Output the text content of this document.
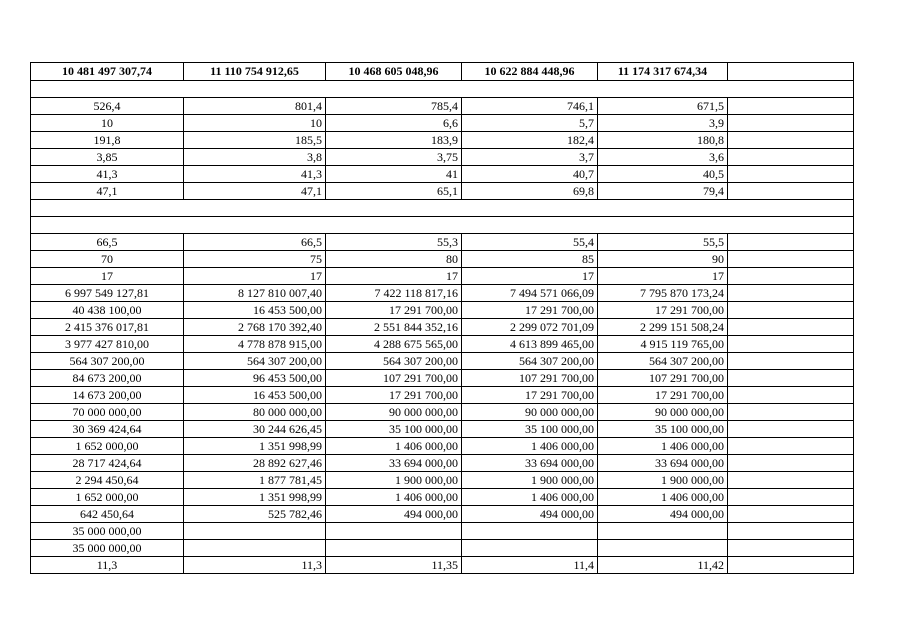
10 481 497 307,74	11 110 754 912,65	10 468 605 048,96	10 622 884 448,96	11 174 317 674,34	

526,4	801,4	785,4	746,1	671,5	
10	10	6,6	5,7	3,9	
191,8	185,5	183,9	182,4	180,8	
3,85	3,8	3,75	3,7	3,6	
41,3	41,3	41	40,7	40,5	
47,1	47,1	65,1	69,8	79,4	

66,5	66,5	55,3	55,4	55,5	
70	75	80	85	90	
17	17	17	17	17	
6 997 549 127,81	8 127 810 007,40	7 422 118 817,16	7 494 571 066,09	7 795 870 173,24	
40 438 100,00	16 453 500,00	17 291 700,00	17 291 700,00	17 291 700,00	
2 415 376 017,81	2 768 170 392,40	2 551 844 352,16	2 299 072 701,09	2 299 151 508,24	
3 977 427 810,00	4 778 878 915,00	4 288 675 565,00	4 613 899 465,00	4 915 119 765,00	
564 307 200,00	564 307 200,00	564 307 200,00	564 307 200,00	564 307 200,00	
84 673 200,00	96 453 500,00	107 291 700,00	107 291 700,00	107 291 700,00	
14 673 200,00	16 453 500,00	17 291 700,00	17 291 700,00	17 291 700,00	
70 000 000,00	80 000 000,00	90 000 000,00	90 000 000,00	90 000 000,00	
30 369 424,64	30 244 626,45	35 100 000,00	35 100 000,00	35 100 000,00	
1 652 000,00	1 351 998,99	1 406 000,00	1 406 000,00	1 406 000,00	
28 717 424,64	28 892 627,46	33 694 000,00	33 694 000,00	33 694 000,00	
2 294 450,64	1 877 781,45	1 900 000,00	1 900 000,00	1 900 000,00	
1 652 000,00	1 351 998,99	1 406 000,00	1 406 000,00	1 406 000,00	
642 450,64	525 782,46	494 000,00	494 000,00	494 000,00	
35 000 000,00					
35 000 000,00					
11,3	11,3	11,35	11,4	11,42	
